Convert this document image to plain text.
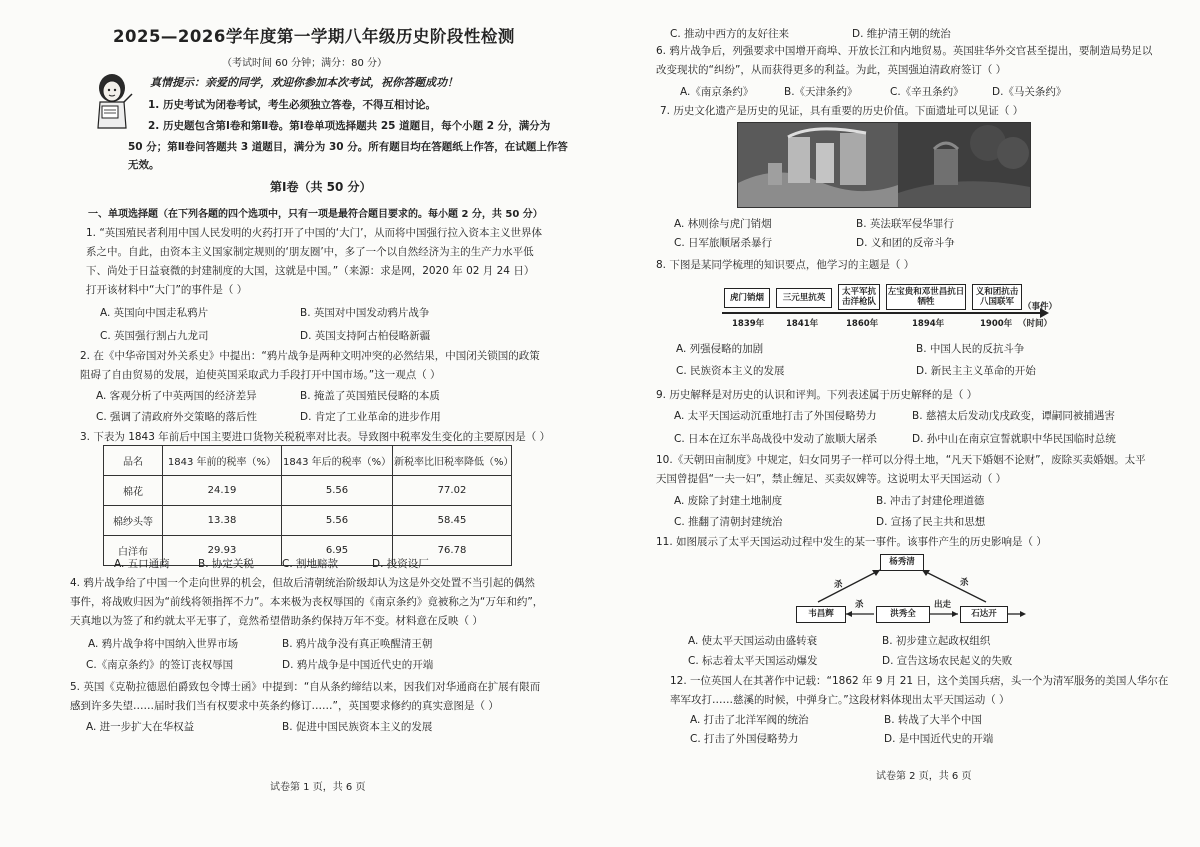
2025—2026学年度第一学期八年级历史阶段性检测
（考试时间 60 分钟；满分：80 分）
真情提示：亲爱的同学，欢迎你参加本次考试，祝你答题成功！
1. 历史考试为闭卷考试，考生必须独立答卷，不得互相讨论。
2. 历史题包含第Ⅰ卷和第Ⅱ卷。第Ⅰ卷单项选择题共 25 道题目，每个小题 2 分，满分为
50 分；第Ⅱ卷问答题共 3 道题目，满分为 30 分。所有题目均在答题纸上作答，在试题上作答
无效。
第Ⅰ卷（共 50 分）
一、单项选择题（在下列各题的四个选项中，只有一项是最符合题目要求的。每小题 2 分，共 50 分）
1. “英国殖民者利用中国人民发明的火药打开了中国的‘大门’，从而将中国强行拉入资本主义世界体系之中。自此，由资本主义国家制定规则的‘朋友圈’中，多了一个以自然经济为主的生产力水平低下、尚处于日益衰微的封建制度的大国，这就是中国。”（来源：求是网，2020 年 02 月 24 日）打开该材料中“大门”的事件是（ ）
A. 英国向中国走私鸦片	B. 英国对中国发动鸦片战争
C. 英国强行割占九龙司	D. 英国支持阿古柏侵略新疆
2. 在《中华帝国对外关系史》中提出：“鸦片战争是两种文明冲突的必然结果，中国闭关锁国的政策阻碍了自由贸易的发展，迫使英国采取武力手段打开中国市场。”这一观点（ ）
A. 客观分析了中英两国的经济差异	B. 掩盖了英国殖民侵略的本质
C. 强调了清政府外交策略的落后性	D. 肯定了工业革命的进步作用
3. 下表为 1843 年前后中国主要进口货物关税税率对比表。导致图中税率发生变化的主要原因是（ ）
品名	1843 年前的税率（%）	1843 年后的税率（%）	新税率比旧税率降低（%）
棉花	24.19	5.56	77.02
棉纱头等	13.38	5.56	58.45
白洋布	29.93	6.95	76.78
A. 五口通商	B. 协定关税	C. 割地赔款	D. 投资设厂
4. 鸦片战争给了中国一个走向世界的机会，但故后清朝统治阶级却认为这是外交处置不当引起的偶然事件，将战败归因为“前线将领指挥不力”。本来极为丧权辱国的《南京条约》竟被称之为“万年和约”，天真地以为签了和约就太平无事了，竟然希望借助条约保持万年不变。材料意在反映（ ）
A. 鸦片战争将中国纳入世界市场	B. 鸦片战争没有真正唤醒清王朝
C.《南京条约》的签订丧权辱国	D. 鸦片战争是中国近代史的开端
5. 英国《克勒拉德恩伯爵致包令博士函》中提到：“自从条约缔结以来，因我们对华通商在扩展有限而感到许多失望……届时我们当有权要求中英条约修订……”，英国要求修约的真实意图是（ ）
A. 进一步扩大在华权益	B. 促进中国民族资本主义的发展
试卷第 1 页，共 6 页
C. 推动中西方的友好往来	D. 维护清王朝的统治
6. 鸦片战争后，列强要求中国增开商埠、开放长江和内地贸易。英国驻华外交官甚至提出，要制造局势足以改变现状的“纠纷”，从而获得更多的利益。为此，英国强迫清政府签订（ ）
A.《南京条约》	B.《天津条约》	C.《辛丑条约》	D.《马关条约》
7. 历史文化遗产是历史的见证，具有重要的历史价值。下面遗址可以见证（ ）
A. 林则徐与虎门销烟	B. 英法联军侵华罪行
C. 日军旅顺屠杀暴行	D. 义和团的反帝斗争
8. 下图是某同学梳理的知识要点，他学习的主题是（ ）
虎门销烟	三元里抗英
太平军抗击洋枪队
左宝贵和邓世昌抗日牺牲
义和团抗击八国联军	（事件）
1839年	1841年	1860年	1894年	1900年 （时间）
A. 列强侵略的加剧	B. 中国人民的反抗斗争
C. 民族资本主义的发展	D. 新民主主义革命的开始
9. 历史解释是对历史的认识和评判。下列表述属于历史解释的是（ ）
A. 太平天国运动沉重地打击了外国侵略势力	B. 慈禧太后发动戊戌政变，谭嗣同被捕遇害
C. 日本在辽东半岛战役中发动了旅顺大屠杀	D. 孙中山在南京宣誓就职中华民国临时总统
10.《天朝田亩制度》中规定，妇女同男子一样可以分得土地，“凡天下婚姻不论财”，废除买卖婚姻。太平天国曾提倡“一夫一妇”，禁止缠足、买卖奴婢等。这说明太平天国运动（ ）
A. 废除了封建土地制度	B. 冲击了封建伦理道德
C. 推翻了清朝封建统治	D. 宣扬了民主共和思想
11. 如图展示了太平天国运动过程中发生的某一事件。该事件产生的历史影响是（ ）
杨秀清
韦昌辉	洪秀全	石达开
杀	杀
杀	出走
A. 使太平天国运动由盛转衰	B. 初步建立起政权组织
C. 标志着太平天国运动爆发	D. 宣告这场农民起义的失败
12. 一位英国人在其著作中记载：“1862 年 9 月 21 日，这个美国兵痞，头一个为清军服务的美国人华尔在率军攻打……慈溪的时候，中弹身亡。”这段材料体现出太平天国运动（ ）
A. 打击了北洋军阀的统治	B. 转战了大半个中国
C. 打击了外国侵略势力	D. 是中国近代史的开端
试卷第 2 页，共 6 页
